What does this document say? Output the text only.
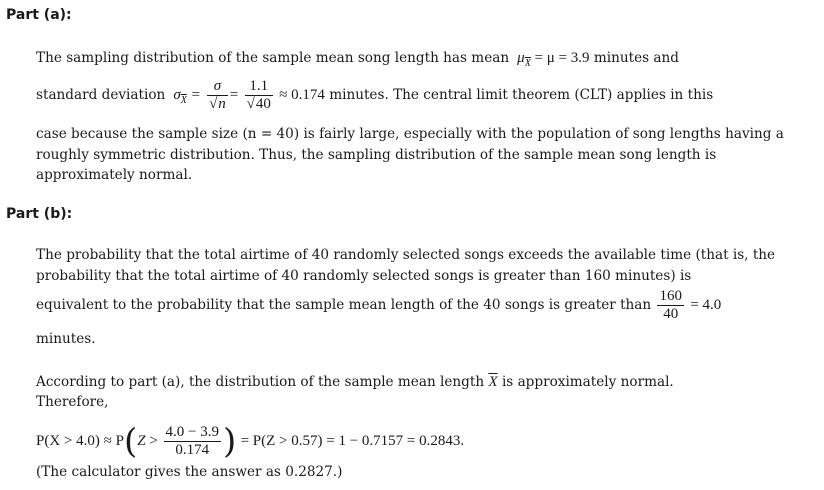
Part (a):
The sampling distribution of the sample mean song length has mean $\mu_{\overline{X}} = \mu = 3.9$ minutes and
standard deviation  $\sigma_{\overline{X}} = \frac{\sigma}{√n} = \frac{1.1}{√40} \approx 0.174$ minutes. The central limit theorem (CLT) applies in this
case because the sample size (n = 40) is fairly large, especially with the population of song lengths having a roughly symmetric distribution. Thus, the sampling distribution of the sample mean song length is approximately normal.
Part (b):
The probability that the total airtime of 40 randomly selected songs exceeds the available time (that is, the probability that the total airtime of 40 randomly selected songs is greater than 160 minutes) is
equivalent to the probability that the sample mean length of the 40 songs is greater than $\frac{160}{40} = 4.0$
minutes.
According to part (a), the distribution of the sample mean length $\overline{X}$ is approximately normal.
Therefore,
$P(X > 4.0) \approx P(Z > \frac{4.0 - 3.9}{0.174}$ ) = P(Z > 0.57) = 1 − 0.7157 = 0.2843.
(The calculator gives the answer as 0.2827.)
